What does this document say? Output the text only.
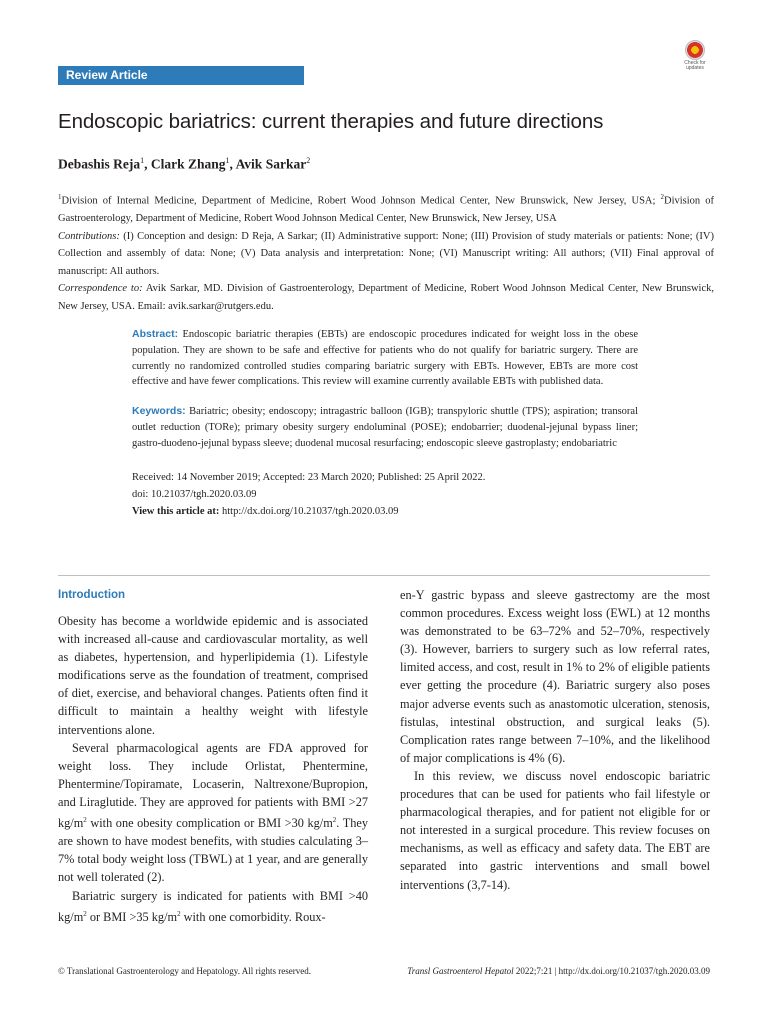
Review Article
Check for updates
Endoscopic bariatrics: current therapies and future directions
Debashis Reja$^1$, Clark Zhang$^1$, Avik Sarkar$^2$

$^1$Division of Internal Medicine, Department of Medicine, Robert Wood Johnson Medical Center, New Brunswick, New Jersey, USA; $^2$Division of Gastroenterology, Department of Medicine, Robert Wood Johnson Medical Center, New Brunswick, New Jersey, USA

Contributions: (I) Conception and design: D Reja, A Sarkar; (II) Administrative support: None; (III) Provision of study materials or patients: None; (IV) Collection and assembly of data: None; (V) Data analysis and interpretation: None; (VI) Manuscript writing: All authors; (VII) Final approval of manuscript: All authors.

Correspondence to: Avik Sarkar, MD. Division of Gastroenterology, Department of Medicine, Robert Wood Johnson Medical Center, New Brunswick, New Jersey, USA. Email: avik.sarkar@rutgers.edu.

Abstract: Endoscopic bariatric therapies (EBTs) are endoscopic procedures indicated for weight loss in the obese population. They are shown to be safe and effective for patients who do not qualify for bariatric surgery. There are currently no randomized controlled studies comparing bariatric surgery with EBTs. However, EBTs are more cost effective and have fewer complications. This review will examine currently available EBTs with published data.

Keywords: Bariatric; obesity; endoscopy; intragastric balloon (IGB); transpyloric shuttle (TPS); aspiration; transoral outlet reduction (TORe); primary obesity surgery endoluminal (POSE); endobarrier; duodenal-jejunal bypass liner; gastro-duodeno-jejunal bypass sleeve; duodenal mucosal resurfacing; endoscopic sleeve gastroplasty; endobariatric

Received: 14 November 2019; Accepted: 23 March 2020; Published: 25 April 2022.
doi: 10.21037/tgh.2020.03.09
View this article at: http://dx.doi.org/10.21037/tgh.2020.03.09

Introduction

Obesity has become a worldwide epidemic and is associated with increased all-cause and cardiovascular mortality, as well as diabetes, hypertension, and hyperlipidemia (1). Lifestyle modifications serve as the foundation of treatment, comprised of diet, exercise, and behavioral changes. Patients often find it difficult to maintain a healthy weight with lifestyle interventions alone.

Several pharmacological agents are FDA approved for weight loss. They include Orlistat, Phentermine, Phentermine/Topiramate, Locaserin, Naltrexone/Bupropion, and Liraglutide. They are approved for patients with BMI >27 $kg/m^2$ with one obesity complication or BMI >30 $kg/m^2$. They are shown to have modest benefits, with studies calculating 3–7% total body weight loss (TBWL) at 1 year, and are generally not well tolerated (2).

Bariatric surgery is indicated for patients with BMI >40 $kg/m^2$ or BMI >35 $kg/m^2$ with one comorbidity. Roux-

en-Y gastric bypass and sleeve gastrectomy are the most common procedures. Excess weight loss (EWL) at 12 months was demonstrated to be 63–72% and 52–70%, respectively (3). However, barriers to surgery such as low referral rates, limited access, and cost, result in 1% to 2% of eligible patients ever getting the procedure (4). Bariatric surgery also poses major adverse events such as anastomotic ulceration, stenosis, fistulas, intestinal obstruction, and surgical leaks (5). Complication rates range between 7–10%, and the likelihood of major complications is 4% (6).

In this review, we discuss novel endoscopic bariatric procedures that can be used for patients who fail lifestyle or pharmacological therapies, and for patient not eligible for or not interested in a surgical procedure. This review focuses on mechanisms, as well as efficacy and safety data. The EBT are separated into gastric interventions and small bowel interventions (3,7-14).

© Translational Gastroenterology and Hepatology. All rights reserved.	Transl Gastroenterol Hepatol 2022;7:21 | http://dx.doi.org/10.21037/tgh.2020.03.09
